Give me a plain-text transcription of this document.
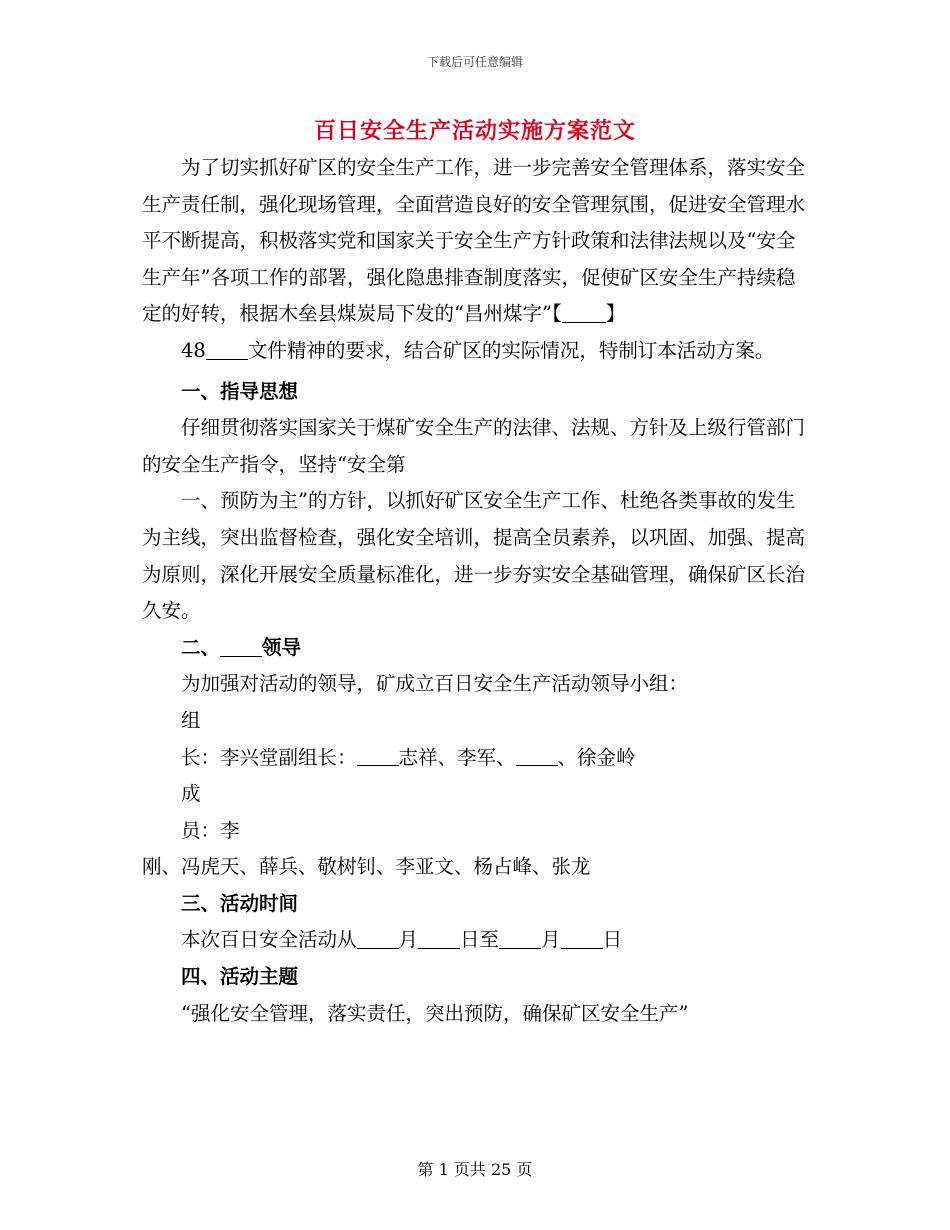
下载后可任意编辑
百日安全生产活动实施方案范文

为了切实抓好矿区的安全生产工作，进一步完善安全管理体系，落实安全生产责任制，强化现场管理，全面营造良好的安全管理氛围，促进安全管理水平不断提高，积极落实党和国家关于安全生产方针政策和法律法规以及“安全生产年”各项工作的部署，强化隐患排查制度落实，促使矿区安全生产持续稳定的好转，根据木垒县煤炭局下发的“昌州煤字”【 】

48 文件精神的要求，结合矿区的实际情况，特制订本活动方案。

一、指导思想

仔细贯彻落实国家关于煤矿安全生产的法律、法规、方针及上级行管部门的安全生产指令，坚持“安全第

一、预防为主”的方针，以抓好矿区安全生产工作、杜绝各类事故的发生为主线，突出监督检查，强化安全培训，提高全员素养，以巩固、加强、提高为原则，深化开展安全质量标准化，进一步夯实安全基础管理，确保矿区长治久安。

二、 领导

为加强对活动的领导，矿成立百日安全生产活动领导小组：

组

长：李兴堂副组长： 志祥、李军、 、徐金岭

成

员：李

刚、冯虎天、薛兵、敬树钊、李亚文、杨占峰、张龙

三、活动时间

本次百日安全活动从 月 日至 月 日

四、活动主题

“强化安全管理，落实责任，突出预防，确保矿区安全生产”

第 1 页共 25 页
